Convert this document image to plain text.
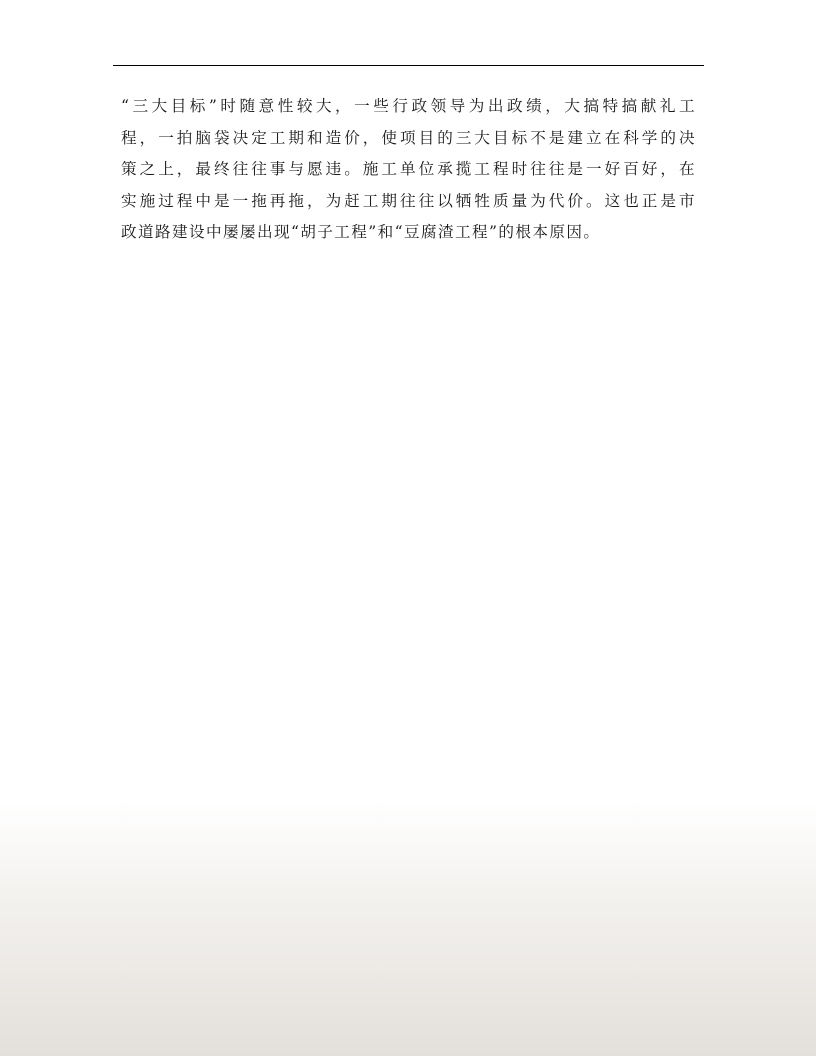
“三大目标”时随意性较大，一些行政领导为出政绩，大搞特搞献礼工
程，一拍脑袋决定工期和造价，使项目的三大目标不是建立在科学的决
策之上，最终往往事与愿违。施工单位承揽工程时往往是一好百好，在
实施过程中是一拖再拖，为赶工期往往以牺牲质量为代价。这也正是市
政道路建设中屡屡出现“胡子工程”和“豆腐渣工程”的根本原因。
